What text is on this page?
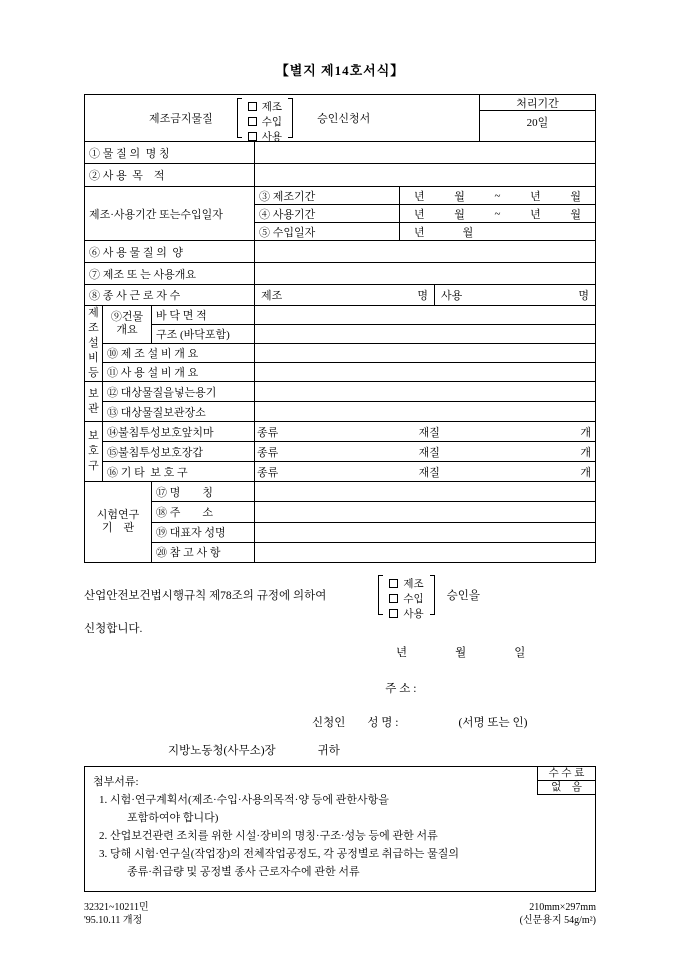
【별지 제14호서식】
제조금지물질
제조
수입
사용
승인신청서
처리기간
20일
① 물 질 의  명 칭
② 사 용  목    적
제조·사용기간 또는수입일자
③ 제조기간	년	월	~	년	월
④ 사용기간	년	월	~	년	월
⑤ 수입일자	년	월
⑥ 사 용 물 질 의  양
⑦ 제조 또 는 사용개요
⑧ 종 사 근 로 자 수	제조	명 사용	명
제조설비등
⑨건물
개요
바 닥 면 적
구조 (바닥포함)
⑩ 제 조 설 비 개 요
⑪ 사 용 설 비 개 요
보관
⑫ 대상물질을넣는용기
⑬ 대상물질보관장소
보호구
⑭불침투성보호앞치마	종류	재질	개
⑮불침투성보호장갑	종류	재질	개
⑯ 기 타  보 호 구	종류	재질	개
시험연구
기    관
⑰ 명        칭
⑱ 주        소
⑲ 대표자 성명
⑳ 참 고 사 항
산업안전보건법시행규칙 제78조의 규정에 의하여
제조
수입
사용
승인을
신청합니다.
년	월	일

주 소 :

신청인 성 명 :	(서명 또는 인)
지방노동청(사무소)장	귀하
수 수 료
없    음
첨부서류:
1. 시험·연구계획서(제조·수입·사용의목적·양 등에 관한사항을
포함하여야 합니다)
2. 산업보건관련 조치를 위한 시설·장비의 명칭·구조·성능 등에 관한 서류
3. 당해 시험·연구실(작업장)의 전체작업공정도, 각 공정별로 취급하는 물질의
종류·취급량 및 공정별 종사 근로자수에 관한 서류
32321~10211민
'95.10.11 개정
210mm×297mm
(신문용지 54g/m²)
